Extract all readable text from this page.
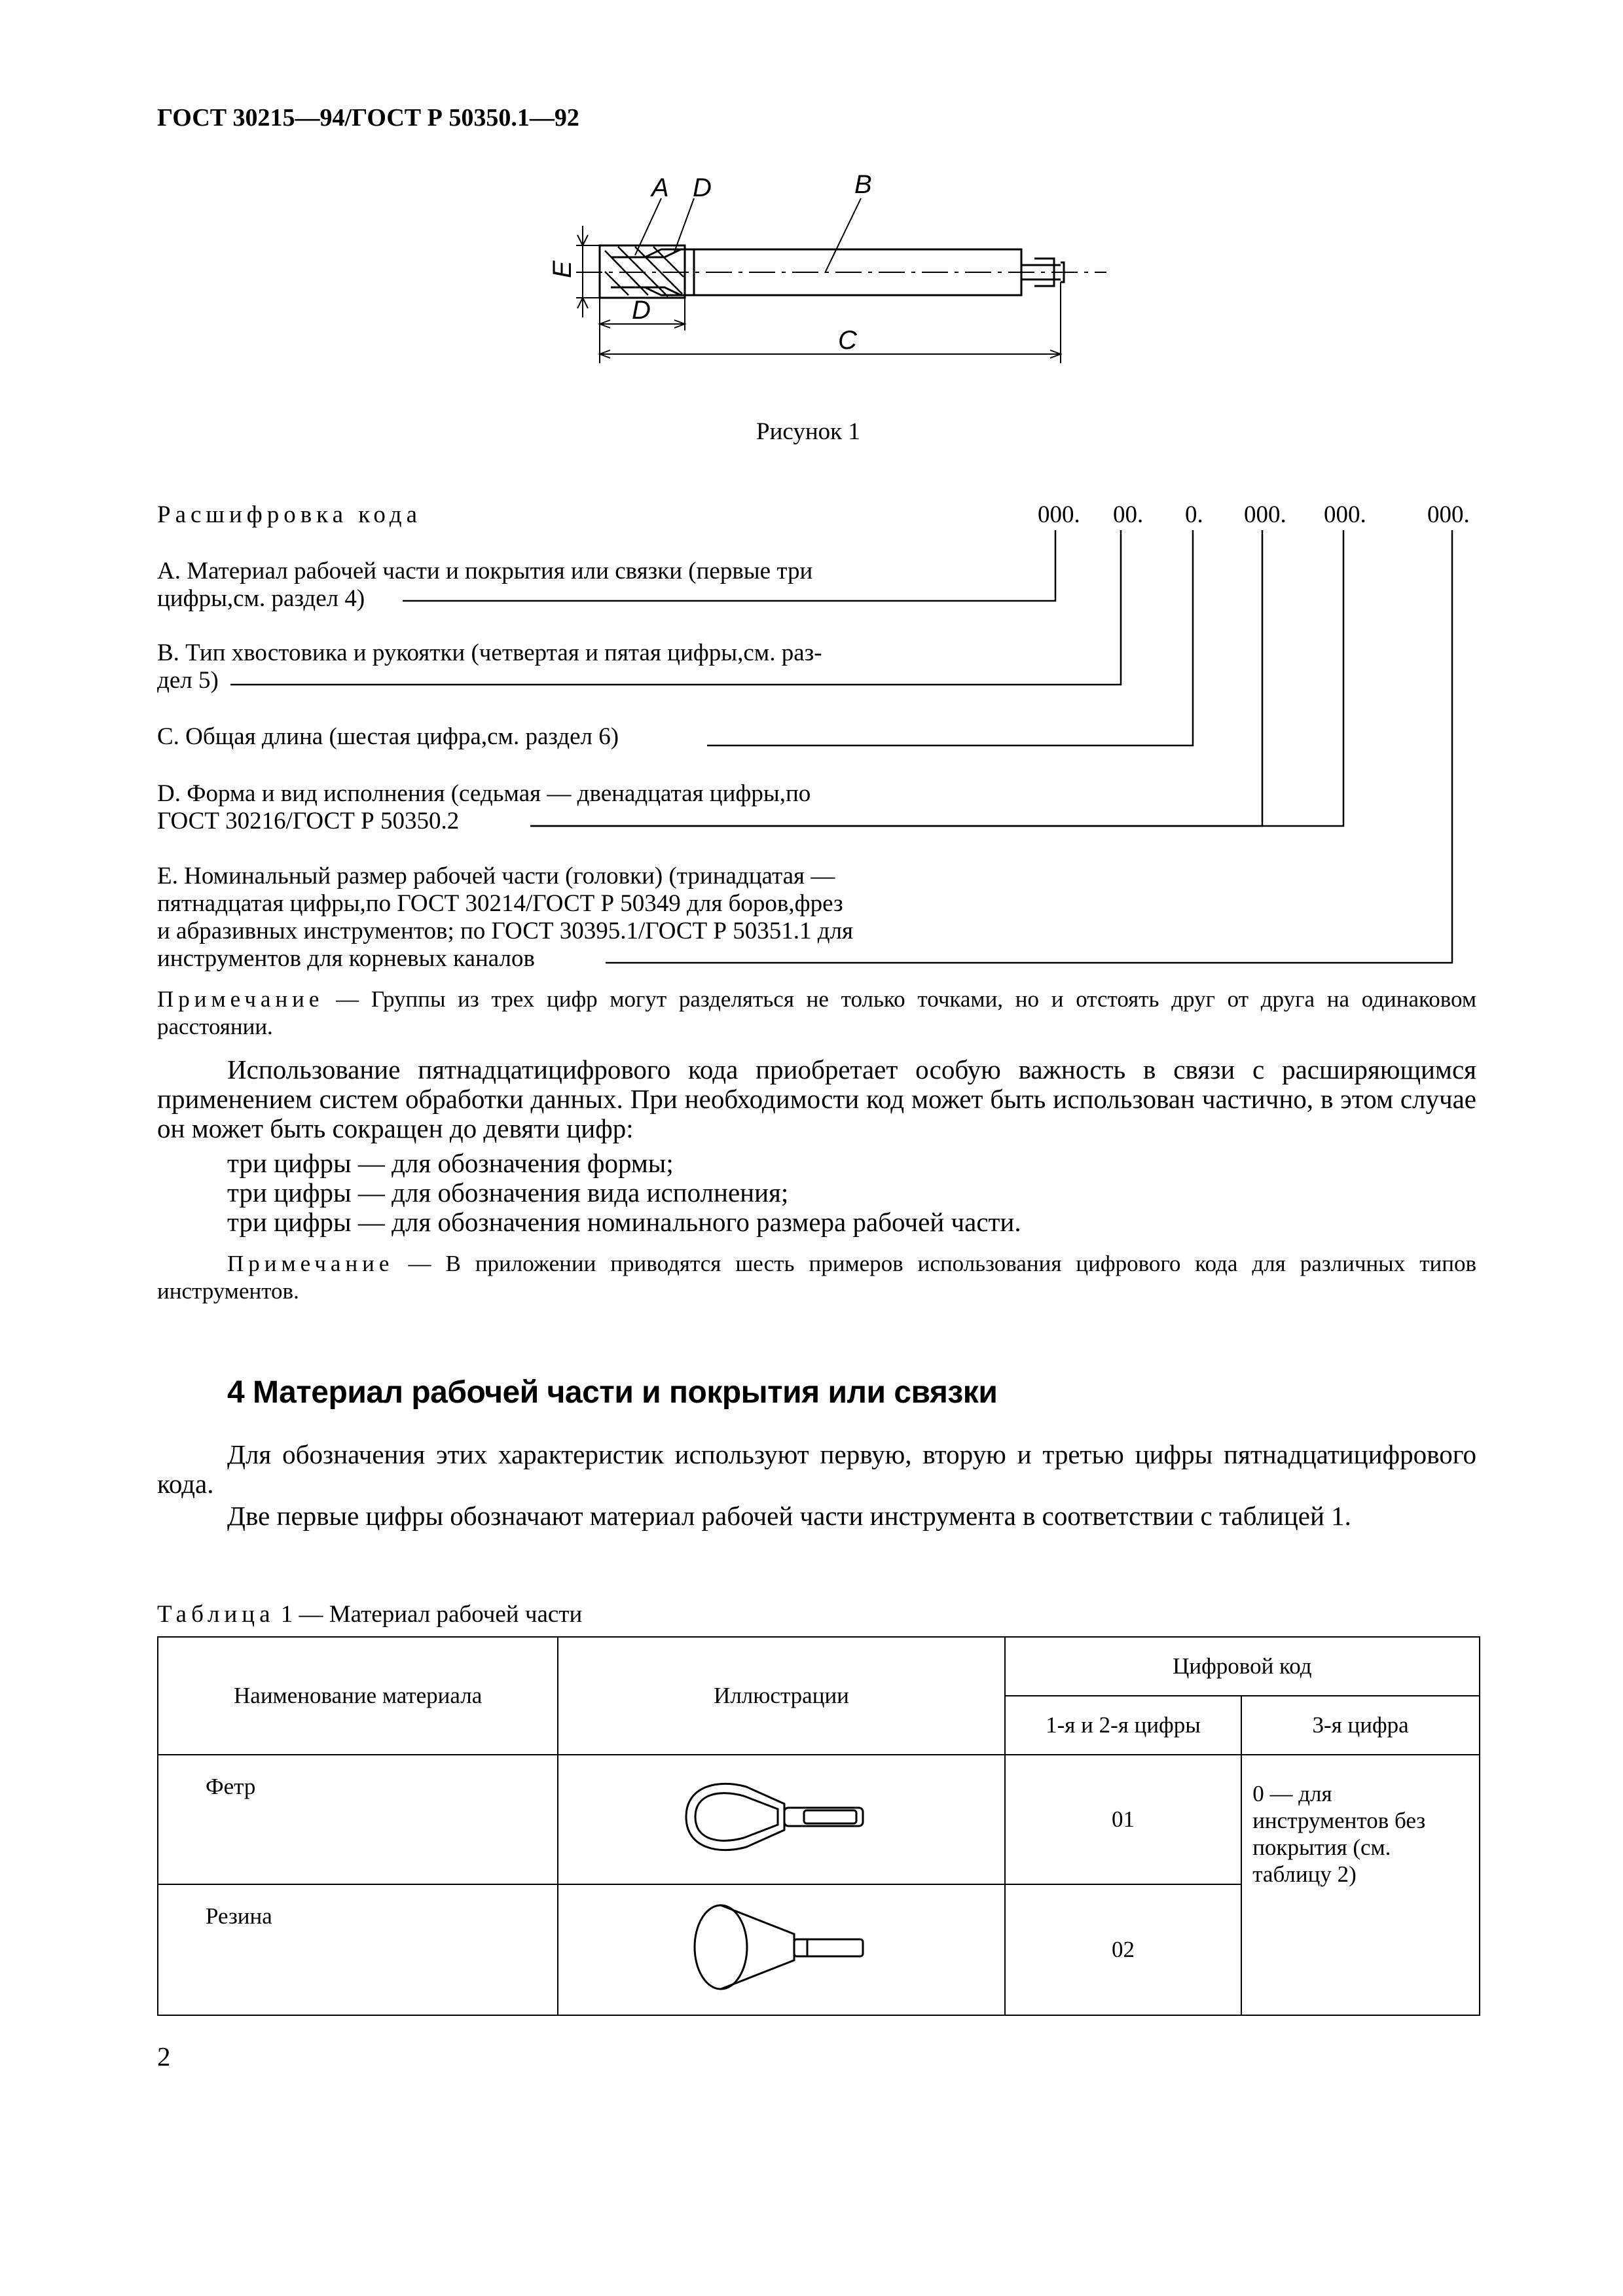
ГОСТ 30215—94/ГОСТ Р 50350.1—92
A D	B
E
D
C
Рисунок 1
Расшифровка кода	000. 00. 0. 000. 000.	000.
А. Материал рабочей части и покрытия или связки (первые три
цифры,см. раздел 4)
В. Тип хвостовика и рукоятки (четвертая и пятая цифры,см. раз-
дел 5)
С. Общая длина (шестая цифра,см. раздел 6)
D. Форма и вид исполнения (седьмая — двенадцатая цифры,по
ГОСТ 30216/ГОСТ Р 50350.2
Е. Номинальный размер рабочей части (головки) (тринадцатая —
пятнадцатая цифры,по ГОСТ 30214/ГОСТ Р 50349 для боров,фрез
и абразивных инструментов; по ГОСТ 30395.1/ГОСТ Р 50351.1 для
инструментов для корневых каналов
Примечание — Группы из трех цифр могут разделяться не только точками, но и отстоять друг от друга на одинаковом расстоянии.
Использование пятнадцатицифрового кода приобретает особую важность в связи с расширяющимся применением систем обработки данных. При необходимости код может быть использован частично, в этом случае он может быть сокращен до девяти цифр:
три цифры — для обозначения формы;
три цифры — для обозначения вида исполнения;
три цифры — для обозначения номинального размера рабочей части.
Примечание — В приложении приводятся шесть примеров использования цифрового кода для различных типов инструментов.
4 Материал рабочей части и покрытия или связки
Для обозначения этих характеристик используют первую, вторую и третью цифры пятнадцатицифрового кода.
Две первые цифры обозначают материал рабочей части инструмента в соответствии с таблицей 1.
Таблица 1 — Материал рабочей части
Наименование материала	Иллюстрации	Цифровой код	
		1-я и 2-я цифры	3-я цифра
Фетр		01	0 — для инструментов без покрытия (см. таблицу 2)
Резина		02	
2
